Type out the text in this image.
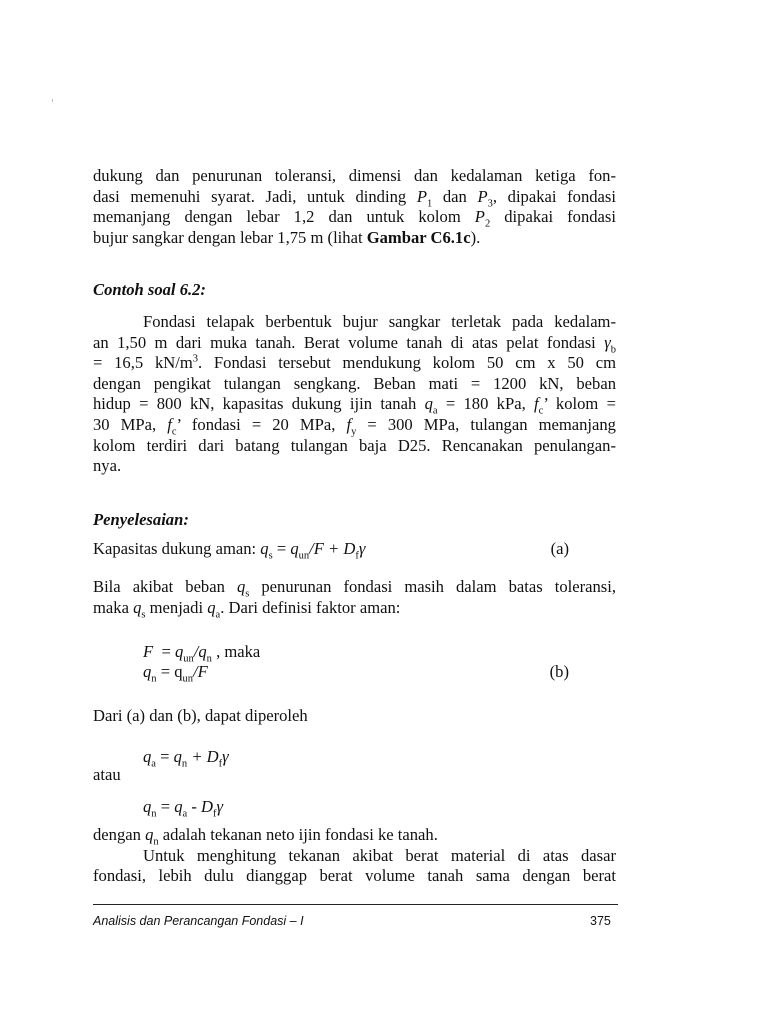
dukung dan penurunan toleransi, dimensi dan kedalaman ketiga fon-
dasi memenuhi syarat. Jadi, untuk dinding $P_1$ dan $P_3$, dipakai fondasi
memanjang dengan lebar 1,2 dan untuk kolom $P_2$ dipakai fondasi
bujur sangkar dengan lebar 1,75 m (lihat Gambar C6.1c).
Contoh soal 6.2:
Fondasi telapak berbentuk bujur sangkar terletak pada kedalam-
an 1,50 m dari muka tanah. Berat volume tanah di atas pelat fondasi $\gamma_b$
= 16,5 $kN/m^3$. Fondasi tersebut mendukung kolom 50 cm x 50 cm
dengan pengikat tulangan sengkang. Beban mati = 1200 kN, beban
hidup = 800 kN, kapasitas dukung ijin tanah $q_a = 180$ kPa, $f_c$’ kolom =
30 MPa, $f_c$’ fondasi = 20 MPa, $f_y = 300$ MPa, tulangan memanjang
kolom terdiri dari batang tulangan baja D25. Rencanakan penulangan-
nya.
Penyelesaian:
Kapasitas dukung aman: $q_s = q_{un}/F + D_f\gamma$	(a)
Bila akibat beban $q_s$ penurunan fondasi masih dalam batas toleransi,
maka $q_s$ menjadi $q_a$. Dari definisi faktor aman:
$F = q_{un}/q_n$ , maka
$q_n = q_{un}/F$	(b)
Dari (a) dan (b), dapat diperoleh
$q_a = q_n + D_f\gamma$
atau
$q_n = q_a - D_f\gamma$
dengan $q_n$ adalah tekanan neto ijin fondasi ke tanah.
Untuk menghitung tekanan akibat berat material di atas dasar
fondasi, lebih dulu dianggap berat volume tanah sama dengan berat
Analisis dan Perancangan Fondasi – I	375
